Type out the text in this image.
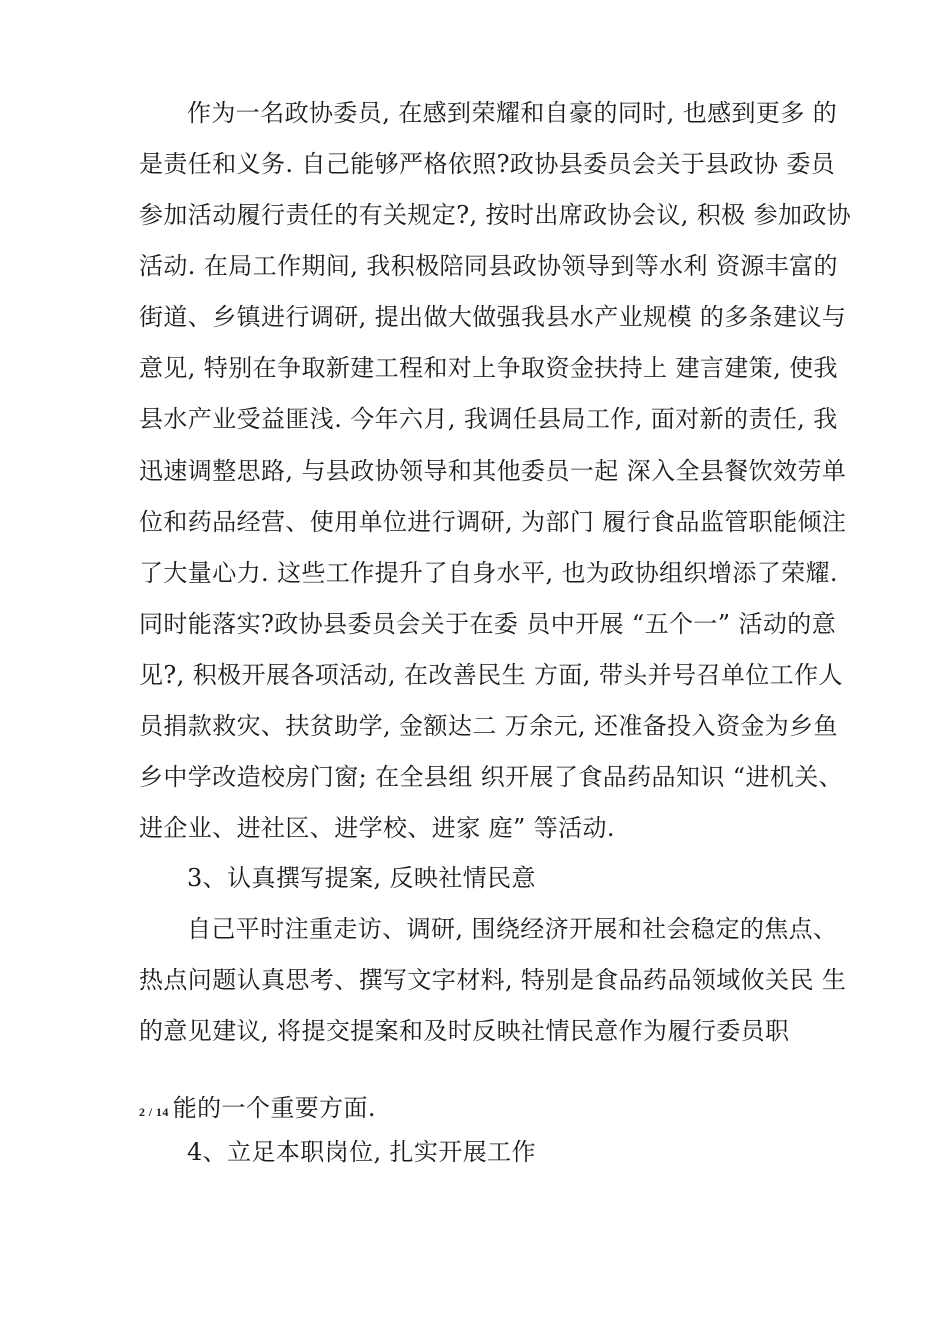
作为一名政协委员, 在感到荣耀和自豪的同时, 也感到更多 的
是责任和义务. 自己能够严格依照?政协县委员会关于县政协 委员
参加活动履行责任的有关规定?, 按时出席政协会议, 积极 参加政协
活动. 在局工作期间, 我积极陪同县政协领导到等水利 资源丰富的
街道、乡镇进行调研, 提出做大做强我县水产业规模 的多条建议与
意见, 特别在争取新建工程和对上争取资金扶持上 建言建策, 使我
县水产业受益匪浅. 今年六月, 我调任县局工作, 面对新的责任, 我
迅速调整思路, 与县政协领导和其他委员一起 深入全县餐饮效劳单
位和药品经营、使用单位进行调研, 为部门 履行食品监管职能倾注
了大量心力. 这些工作提升了自身水平, 也为政协组织增添了荣耀.
同时能落实?政协县委员会关于在委 员中开展 “五个一” 活动的意
见?, 积极开展各项活动, 在改善民生 方面, 带头并号召单位工作人
员捐款救灾、扶贫助学, 金额达二 万余元, 还准备投入资金为乡鱼
乡中学改造校房门窗; 在全县组 织开展了食品药品知识 “进机关、
进企业、进社区、进学校、进家 庭” 等活动.
3、认真撰写提案, 反映社情民意
自己平时注重走访、调研, 围绕经济开展和社会稳定的焦点、
热点问题认真思考、撰写文字材料, 特别是食品药品领域攸关民 生
的意见建议, 将提交提案和及时反映社情民意作为履行委员职
2 / 14 能的一个重要方面.
4、立足本职岗位, 扎实开展工作
